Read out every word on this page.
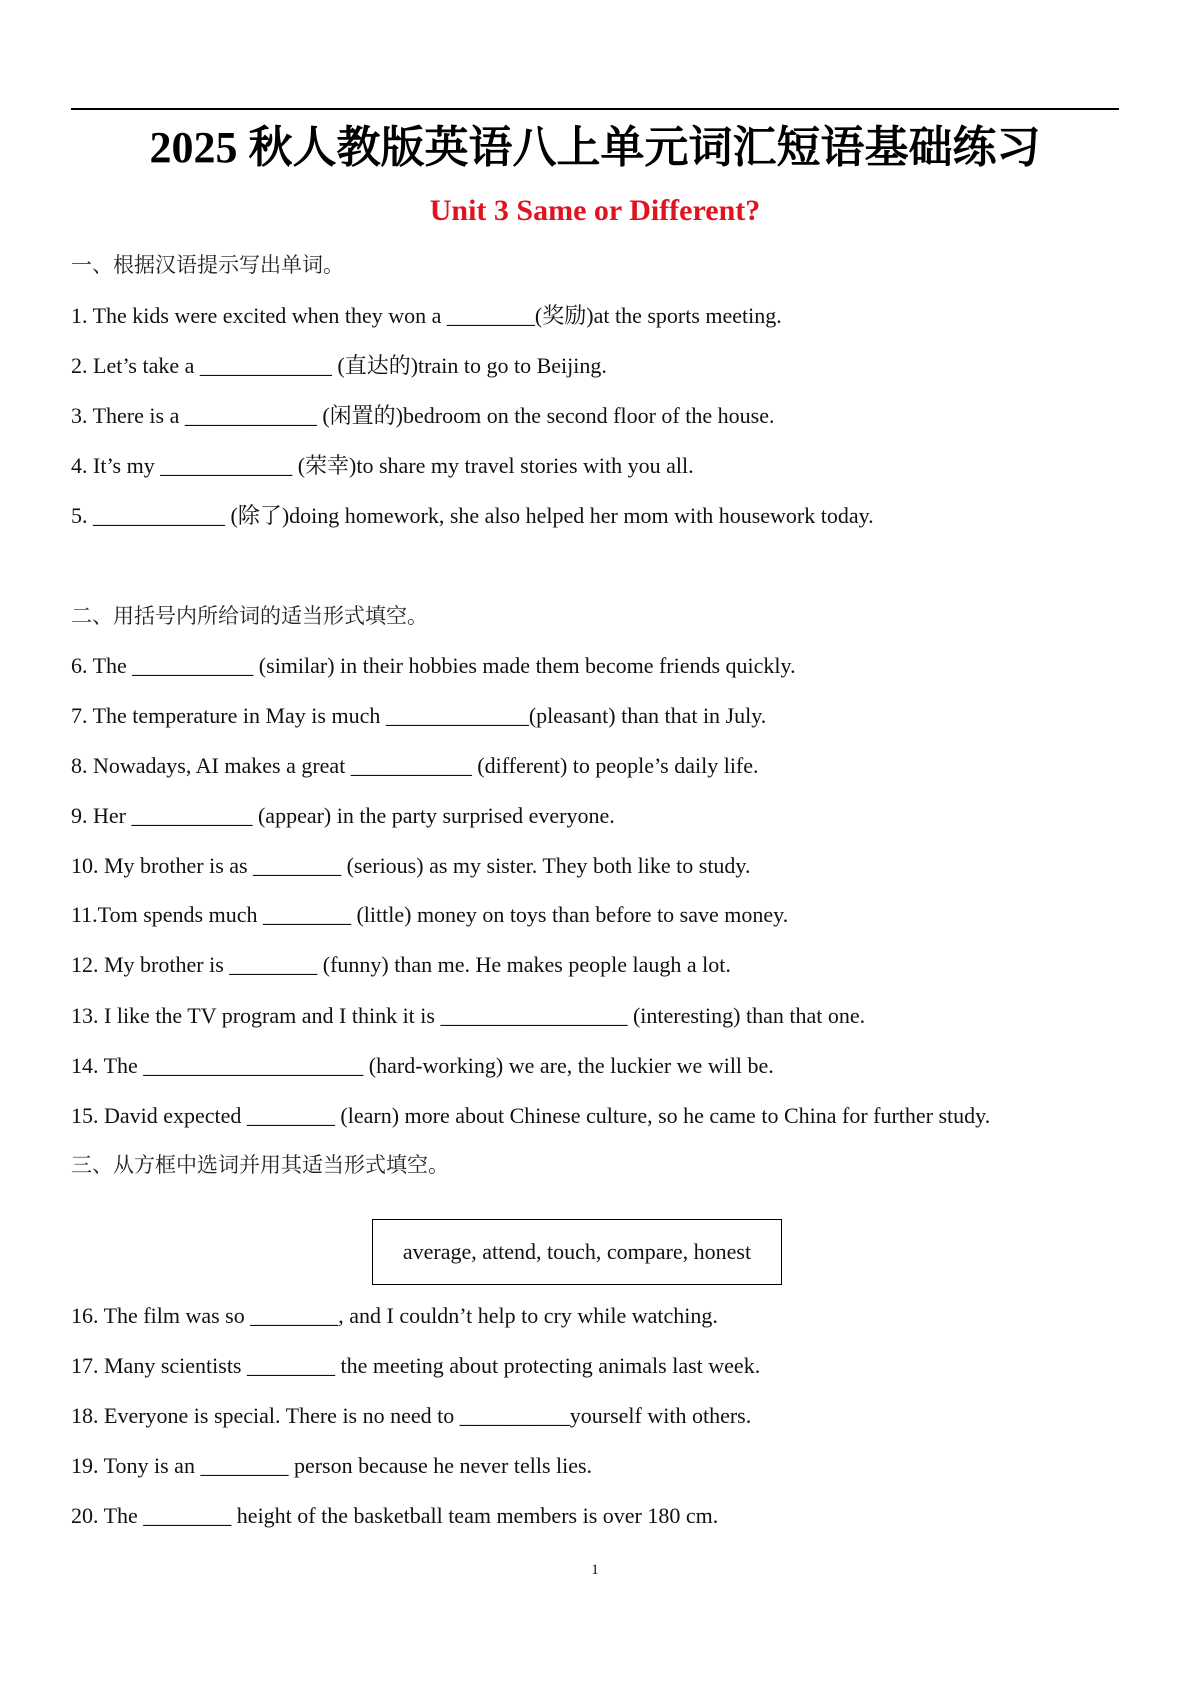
2025 秋人教版英语八上单元词汇短语基础练习
Unit 3 Same or Different?

一、根据汉语提示写出单词。

1. The kids were excited when they won a ________(奖励)at the sports meeting.

2. Let’s take a ____________ (直达的)train to go to Beijing.

3. There is a ____________ (闲置的)bedroom on the second floor of the house.

4. It’s my ____________ (荣幸)to share my travel stories with you all.

5. ____________ (除了)doing homework, she also helped her mom with housework today.

二、用括号内所给词的适当形式填空。

6. The ___________ (similar) in their hobbies made them become friends quickly.

7. The temperature in May is much _____________(pleasant) than that in July.

8. Nowadays, AI makes a great ___________ (different) to people’s daily life.

9. Her ___________ (appear) in the party surprised everyone.

10. My brother is as ________ (serious) as my sister. They both like to study.

11.Tom spends much ________ (little) money on toys than before to save money.

12. My brother is ________ (funny) than me. He makes people laugh a lot.

13. I like the TV program and I think it is _________________ (interesting) than that one.

14. The ____________________ (hard-working) we are, the luckier we will be.

15. David expected ________ (learn) more about Chinese culture, so he came to China for further study.

三、从方框中选词并用其适当形式填空。

average, attend, touch, compare, honest

16. The film was so ________, and I couldn’t help to cry while watching.

17. Many scientists ________ the meeting about protecting animals last week.

18. Everyone is special. There is no need to __________yourself with others.

19. Tony is an ________ person because he never tells lies.

20. The ________ height of the basketball team members is over 180 cm.

1
